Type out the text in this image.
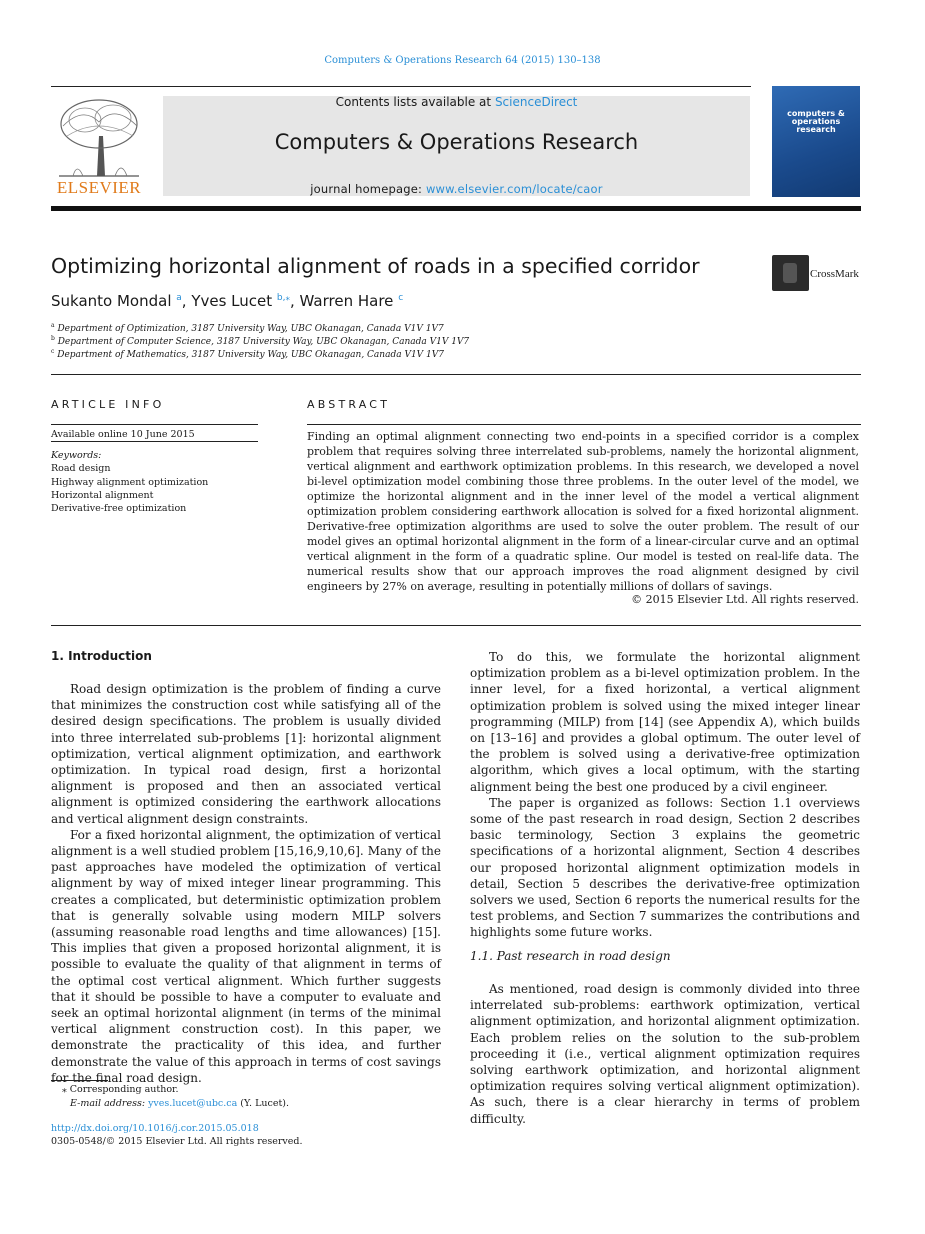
Computers & Operations Research 64 (2015) 130–138
ELSEVIER
Contents lists available at ScienceDirect
Computers & Operations Research
journal homepage: www.elsevier.com/locate/caor
computers & operations research
Optimizing horizontal alignment of roads in a specified corridor	CrossMark
Sukanto Mondal $^a$, Yves Lucet $^{b,⁎}$, Warren Hare $^c$
$^a$ Department of Optimization, 3187 University Way, UBC Okanagan, Canada V1V 1V7
$^b$ Department of Computer Science, 3187 University Way, UBC Okanagan, Canada V1V 1V7
$^c$ Department of Mathematics, 3187 University Way, UBC Okanagan, Canada V1V 1V7
ARTICLE INFO
Available online 10 June 2015
Keywords:
Road design
Highway alignment optimization
Horizontal alignment
Derivative-free optimization
ABSTRACT
Finding an optimal alignment connecting two end-points in a specified corridor is a complex problem that requires solving three interrelated sub-problems, namely the horizontal alignment, vertical alignment and earthwork optimization problems. In this research, we developed a novel bi-level optimization model combining those three problems. In the outer level of the model, we optimize the horizontal alignment and in the inner level of the model a vertical alignment optimization problem considering earthwork allocation is solved for a fixed horizontal alignment. Derivative-free optimization algorithms are used to solve the outer problem. The result of our model gives an optimal horizontal alignment in the form of a linear-circular curve and an optimal vertical alignment in the form of a quadratic spline. Our model is tested on real-life data. The numerical results show that our approach improves the road alignment designed by civil engineers by 27% on average, resulting in potentially millions of dollars of savings.
© 2015 Elsevier Ltd. All rights reserved.
1. Introduction

Road design optimization is the problem of finding a curve that minimizes the construction cost while satisfying all of the desired design specifications. The problem is usually divided into three interrelated sub-problems [1]: horizontal alignment optimization, vertical alignment optimization, and earthwork optimization. In typical road design, first a horizontal alignment is proposed and then an associated vertical alignment is optimized considering the earthwork allocations and vertical alignment design constraints.

For a fixed horizontal alignment, the optimization of vertical alignment is a well studied problem [15,16,9,10,6]. Many of the past approaches have modeled the optimization of vertical alignment by way of mixed integer linear programming. This creates a complicated, but deterministic optimization problem that is generally solvable using modern MILP solvers (assuming reasonable road lengths and time allowances) [15]. This implies that given a proposed horizontal alignment, it is possible to evaluate the quality of that alignment in terms of the optimal cost vertical alignment. Which further suggests that it should be possible to have a computer to evaluate and seek an optimal horizontal alignment (in terms of the minimal vertical alignment construction cost). In this paper, we demonstrate the practicality of this idea, and further demonstrate the value of this approach in terms of cost savings for the final road design.

⁎ Corresponding author.
E-mail address: yves.lucet@ubc.ca (Y. Lucet).
http://dx.doi.org/10.1016/j.cor.2015.05.018
0305-0548/© 2015 Elsevier Ltd. All rights reserved.

To do this, we formulate the horizontal alignment optimization problem as a bi-level optimization problem. In the inner level, for a fixed horizontal, a vertical alignment optimization problem is solved using the mixed integer linear programming (MILP) from [14] (see Appendix A), which builds on [13–16] and provides a global optimum. The outer level of the problem is solved using a derivative-free optimization algorithm, which gives a local optimum, with the starting alignment being the best one produced by a civil engineer.

The paper is organized as follows: Section 1.1 overviews some of the past research in road design, Section 2 describes basic terminology, Section 3 explains the geometric specifications of a horizontal alignment, Section 4 describes our proposed horizontal alignment optimization models in detail, Section 5 describes the derivative-free optimization solvers we used, Section 6 reports the numerical results for the test problems, and Section 7 summarizes the contributions and highlights some future works.

1.1. Past research in road design

As mentioned, road design is commonly divided into three interrelated sub-problems: earthwork optimization, vertical alignment optimization, and horizontal alignment optimization. Each problem relies on the solution to the sub-problem proceeding it (i.e., vertical alignment optimization requires solving earthwork optimization, and horizontal alignment optimization requires solving vertical alignment optimization). As such, there is a clear hierarchy in terms of problem difficulty.
